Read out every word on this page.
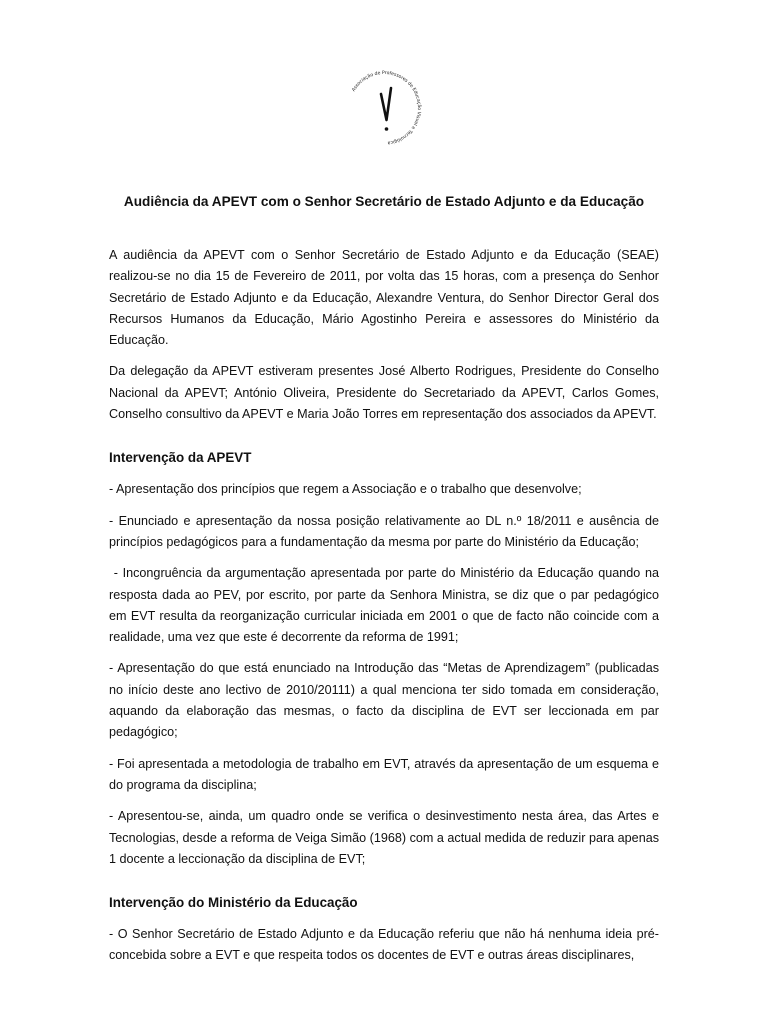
Associação de Professores de Educação Visual e Tecnológica
Audiência da APEVT com o Senhor Secretário de Estado Adjunto e da Educação

A audiência da APEVT com o Senhor Secretário de Estado Adjunto e da Educação (SEAE) realizou-se no dia 15 de Fevereiro de 2011, por volta das 15 horas, com a presença do Senhor Secretário de Estado Adjunto e da Educação, Alexandre Ventura, do Senhor Director Geral dos Recursos Humanos da Educação, Mário Agostinho Pereira e assessores do Ministério da Educação.

Da delegação da APEVT estiveram presentes José Alberto Rodrigues, Presidente do Conselho Nacional da APEVT; António Oliveira, Presidente do Secretariado da APEVT, Carlos Gomes, Conselho consultivo da APEVT e Maria João Torres em representação dos associados da APEVT.

Intervenção da APEVT

- Apresentação dos princípios que regem a Associação e o trabalho que desenvolve;

- Enunciado e apresentação da nossa posição relativamente ao DL n.º 18/2011 e ausência de princípios pedagógicos para a fundamentação da mesma por parte do Ministério da Educação;

- Incongruência da argumentação apresentada por parte do Ministério da Educação quando na resposta dada ao PEV, por escrito, por parte da Senhora Ministra, se diz que o par pedagógico em EVT resulta da reorganização curricular iniciada em 2001 o que de facto não coincide com a realidade, uma vez que este é decorrente da reforma de 1991;

- Apresentação do que está enunciado na Introdução das “Metas de Aprendizagem” (publicadas no início deste ano lectivo de 2010/20111) a qual menciona ter sido tomada em consideração, aquando da elaboração das mesmas, o facto da disciplina de EVT ser leccionada em par pedagógico;

- Foi apresentada a metodologia de trabalho em EVT, através da apresentação de um esquema e do programa da disciplina;

- Apresentou-se, ainda, um quadro onde se verifica o desinvestimento nesta área, das Artes e Tecnologias, desde a reforma de Veiga Simão (1968) com a actual medida de reduzir para apenas 1 docente a leccionação da disciplina de EVT;

Intervenção do Ministério da Educação

- O Senhor Secretário de Estado Adjunto e da Educação referiu que não há nenhuma ideia pré-concebida sobre a EVT e que respeita todos os docentes de EVT e outras áreas disciplinares,
